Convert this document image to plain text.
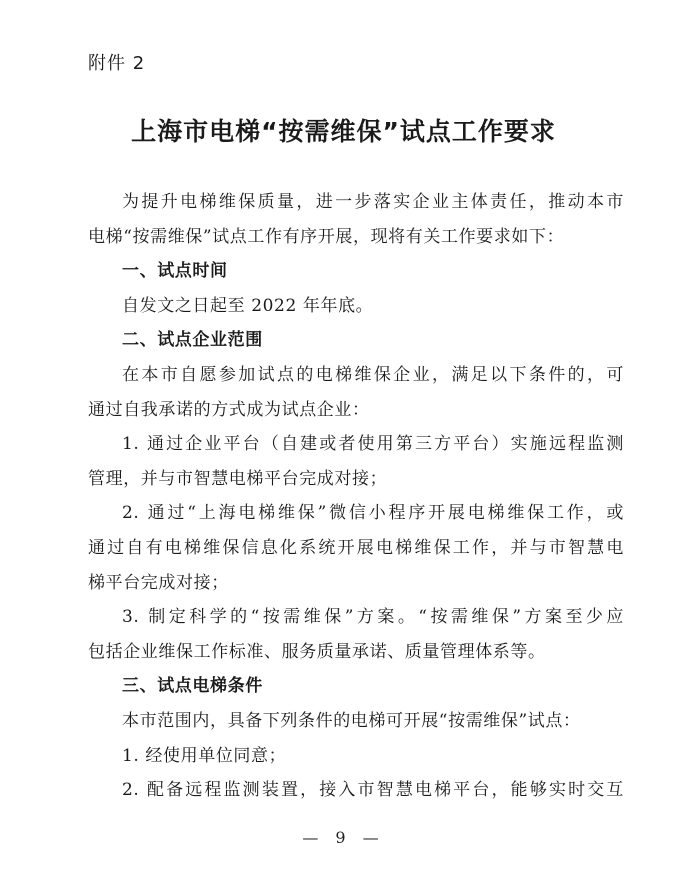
附件 2
上海市电梯“按需维保”试点工作要求
为提升电梯维保质量，进一步落实企业主体责任，推动本市
电梯“按需维保”试点工作有序开展，现将有关工作要求如下：
一、试点时间
自发文之日起至 2022 年年底。
二、试点企业范围
在本市自愿参加试点的电梯维保企业，满足以下条件的，可
通过自我承诺的方式成为试点企业：
1. 通过企业平台（自建或者使用第三方平台）实施远程监测
管理，并与市智慧电梯平台完成对接；
2. 通过“上海电梯维保”微信小程序开展电梯维保工作，或
通过自有电梯维保信息化系统开展电梯维保工作，并与市智慧电
梯平台完成对接；
3. 制定科学的“按需维保”方案。“按需维保”方案至少应
包括企业维保工作标准、服务质量承诺、质量管理体系等。
三、试点电梯条件
本市范围内，具备下列条件的电梯可开展“按需维保”试点：
1. 经使用单位同意；
2. 配备远程监测装置，接入市智慧电梯平台，能够实时交互
— 9 —
